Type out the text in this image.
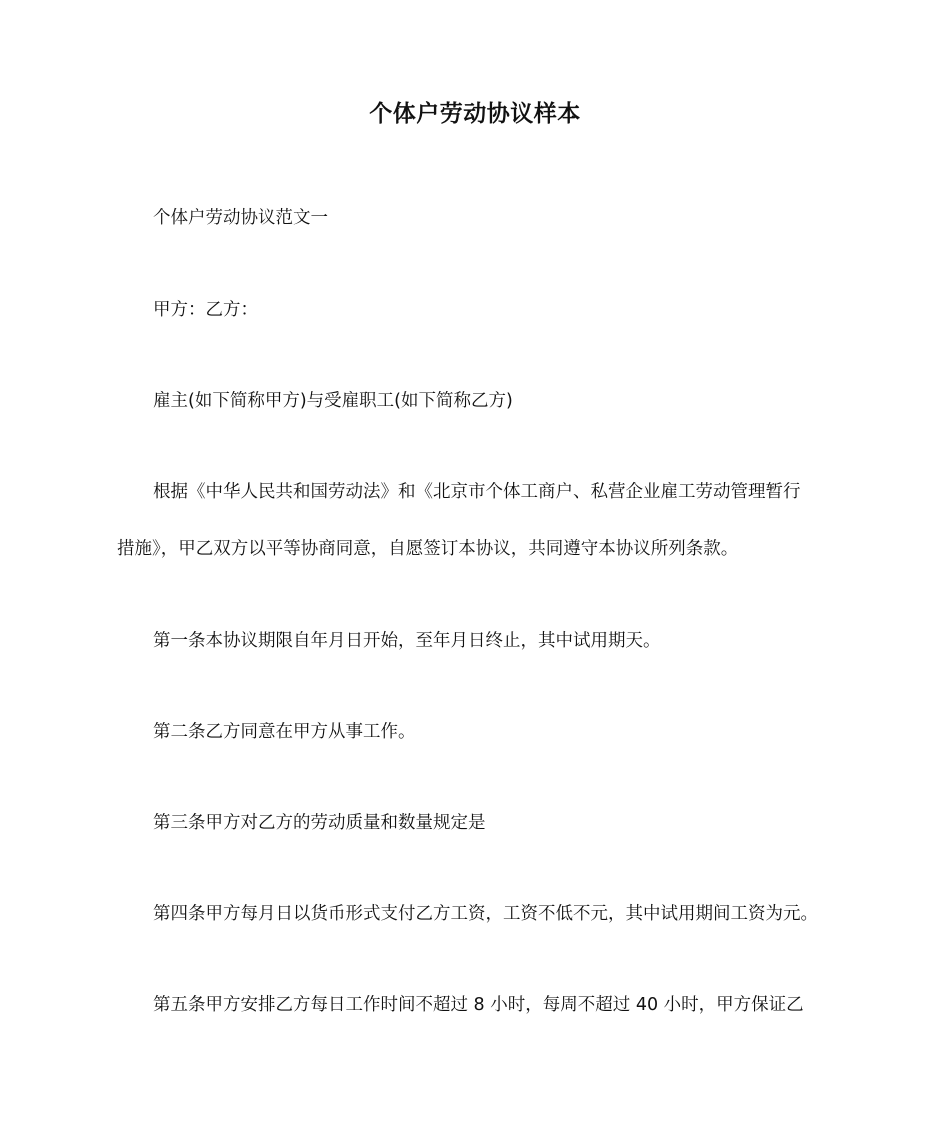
个体户劳动协议样本
个体户劳动协议范文一
甲方：乙方：
雇主(如下简称甲方)与受雇职工(如下简称乙方)
根据《中华人民共和国劳动法》和《北京市个体工商户、私营企业雇工劳动管理暂行
措施》，甲乙双方以平等协商同意，自愿签订本协议，共同遵守本协议所列条款。
第一条本协议期限自年月日开始，至年月日终止，其中试用期天。
第二条乙方同意在甲方从事工作。
第三条甲方对乙方的劳动质量和数量规定是
第四条甲方每月日以货币形式支付乙方工资，工资不低不元，其中试用期间工资为元。
第五条甲方安排乙方每日工作时间不超过 8 小时，每周不超过 40 小时，甲方保证乙
